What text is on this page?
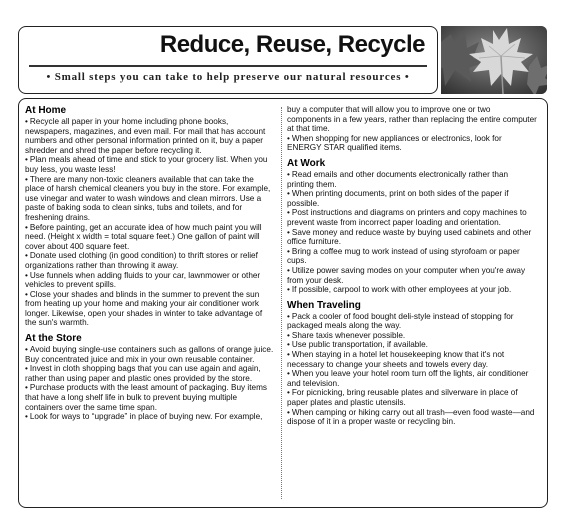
Reduce, Reuse, Recycle
• Small steps you can take to help preserve our natural resources •
At Home
• Recycle all paper in your home including phone books, newspapers, magazines, and even mail. For mail that has account numbers and other personal information printed on it, buy a paper shredder and shred the paper before recycling it.
• Plan meals ahead of time and stick to your grocery list. When you buy less, you waste less!
• There are many non-toxic cleaners available that can take the place of harsh chemical cleaners you buy in the store. For example, use vinegar and water to wash windows and clean mirrors. Use a paste of baking soda to clean sinks, tubs and toilets, and for freshening drains.
• Before painting, get an accurate idea of how much paint you will need. (Height x width = total square feet.) One gallon of paint will cover about 400 square feet.
• Donate used clothing (in good condition) to thrift stores or relief organizations rather than throwing it away.
• Use funnels when adding fluids to your car, lawnmower or other vehicles to prevent spills.
• Close your shades and blinds in the summer to prevent the sun from heating up your home and making your air conditioner work longer. Likewise, open your shades in winter to take advantage of the sun's warmth.
At the Store
• Avoid buying single-use containers such as gallons of orange juice. Buy concentrated juice and mix in your own reusable container.
• Invest in cloth shopping bags that you can use again and again, rather than using paper and plastic ones provided by the store.
• Purchase products with the least amount of packaging. Buy items that have a long shelf life in bulk to prevent buying multiple containers over the same time span.
• Look for ways to “upgrade” in place of buying new. For example,
buy a computer that will allow you to improve one or two components in a few years, rather than replacing the entire computer at that time.
• When shopping for new appliances or electronics, look for ENERGY STAR qualified items.
At Work
• Read emails and other documents electronically rather than printing them.
• When printing documents, print on both sides of the paper if possible.
• Post instructions and diagrams on printers and copy machines to prevent waste from incorrect paper loading and orientation.
• Save money and reduce waste by buying used cabinets and other office furniture.
• Bring a coffee mug to work instead of using styrofoam or paper cups.
• Utilize power saving modes on your computer when you're away from your desk.
• If possible, carpool to work with other employees at your job.
When Traveling
• Pack a cooler of food bought deli-style instead of stopping for packaged meals along the way.
• Share taxis whenever possible.
• Use public transportation, if available.
• When staying in a hotel let housekeeping know that it's not necessary to change your sheets and towels every day.
• When you leave your hotel room turn off the lights, air conditioner and television.
• For picnicking, bring reusable plates and silverware in place of paper plates and plastic utensils.
• When camping or hiking carry out all trash—even food waste—and dispose of it in a proper waste or recycling bin.
